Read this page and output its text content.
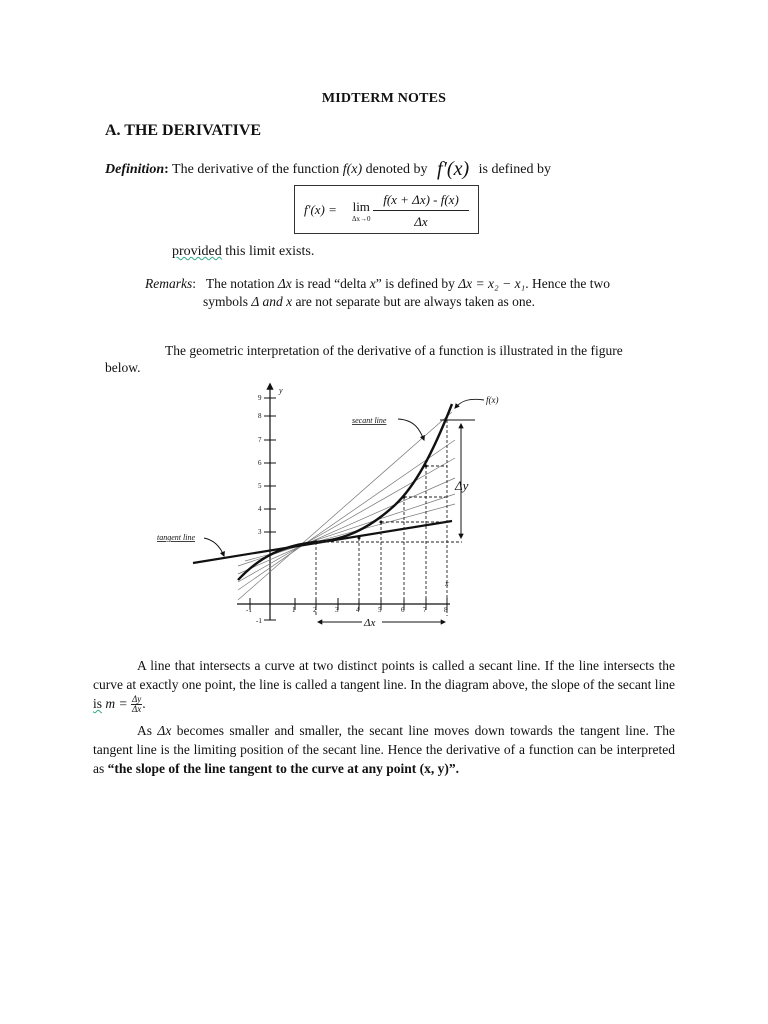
MIDTERM NOTES
A. THE DERIVATIVE
Definition: The derivative of the function f(x) denoted by f′(x) is defined by
f′(x) = lim
$\Delta x\to 0 \frac{f(x + \Delta x) - f(x)}{\Delta x}$
provided this limit exists.
Remarks:   The notation Δx is read “delta x” is defined by Δx = x₂ − x₁. Hence the two
symbols Δ and x are not separate but are always taken as one.
The geometric interpretation of the derivative of a function is illustrated in the figure
below.
9
8
7
6
5
4
3
-1
-1	1	2	3	4	5	6	7	8
y
x
Δy
Δx
secant line
tangent line
f(x)
A line that intersects a curve at two distinct points is called a secant line. If the line intersects the curve at exactly one point, the line is called a tangent line. In the diagram above, the slope of the secant line is $m = \frac{\Delta y}{\Delta x}$ .
As Δx becomes smaller and smaller, the secant line moves down towards the tangent line. The tangent line is the limiting position of the secant line. Hence the derivative of a function can be interpreted as “the slope of the line tangent to the curve at any point (x, y)”.
